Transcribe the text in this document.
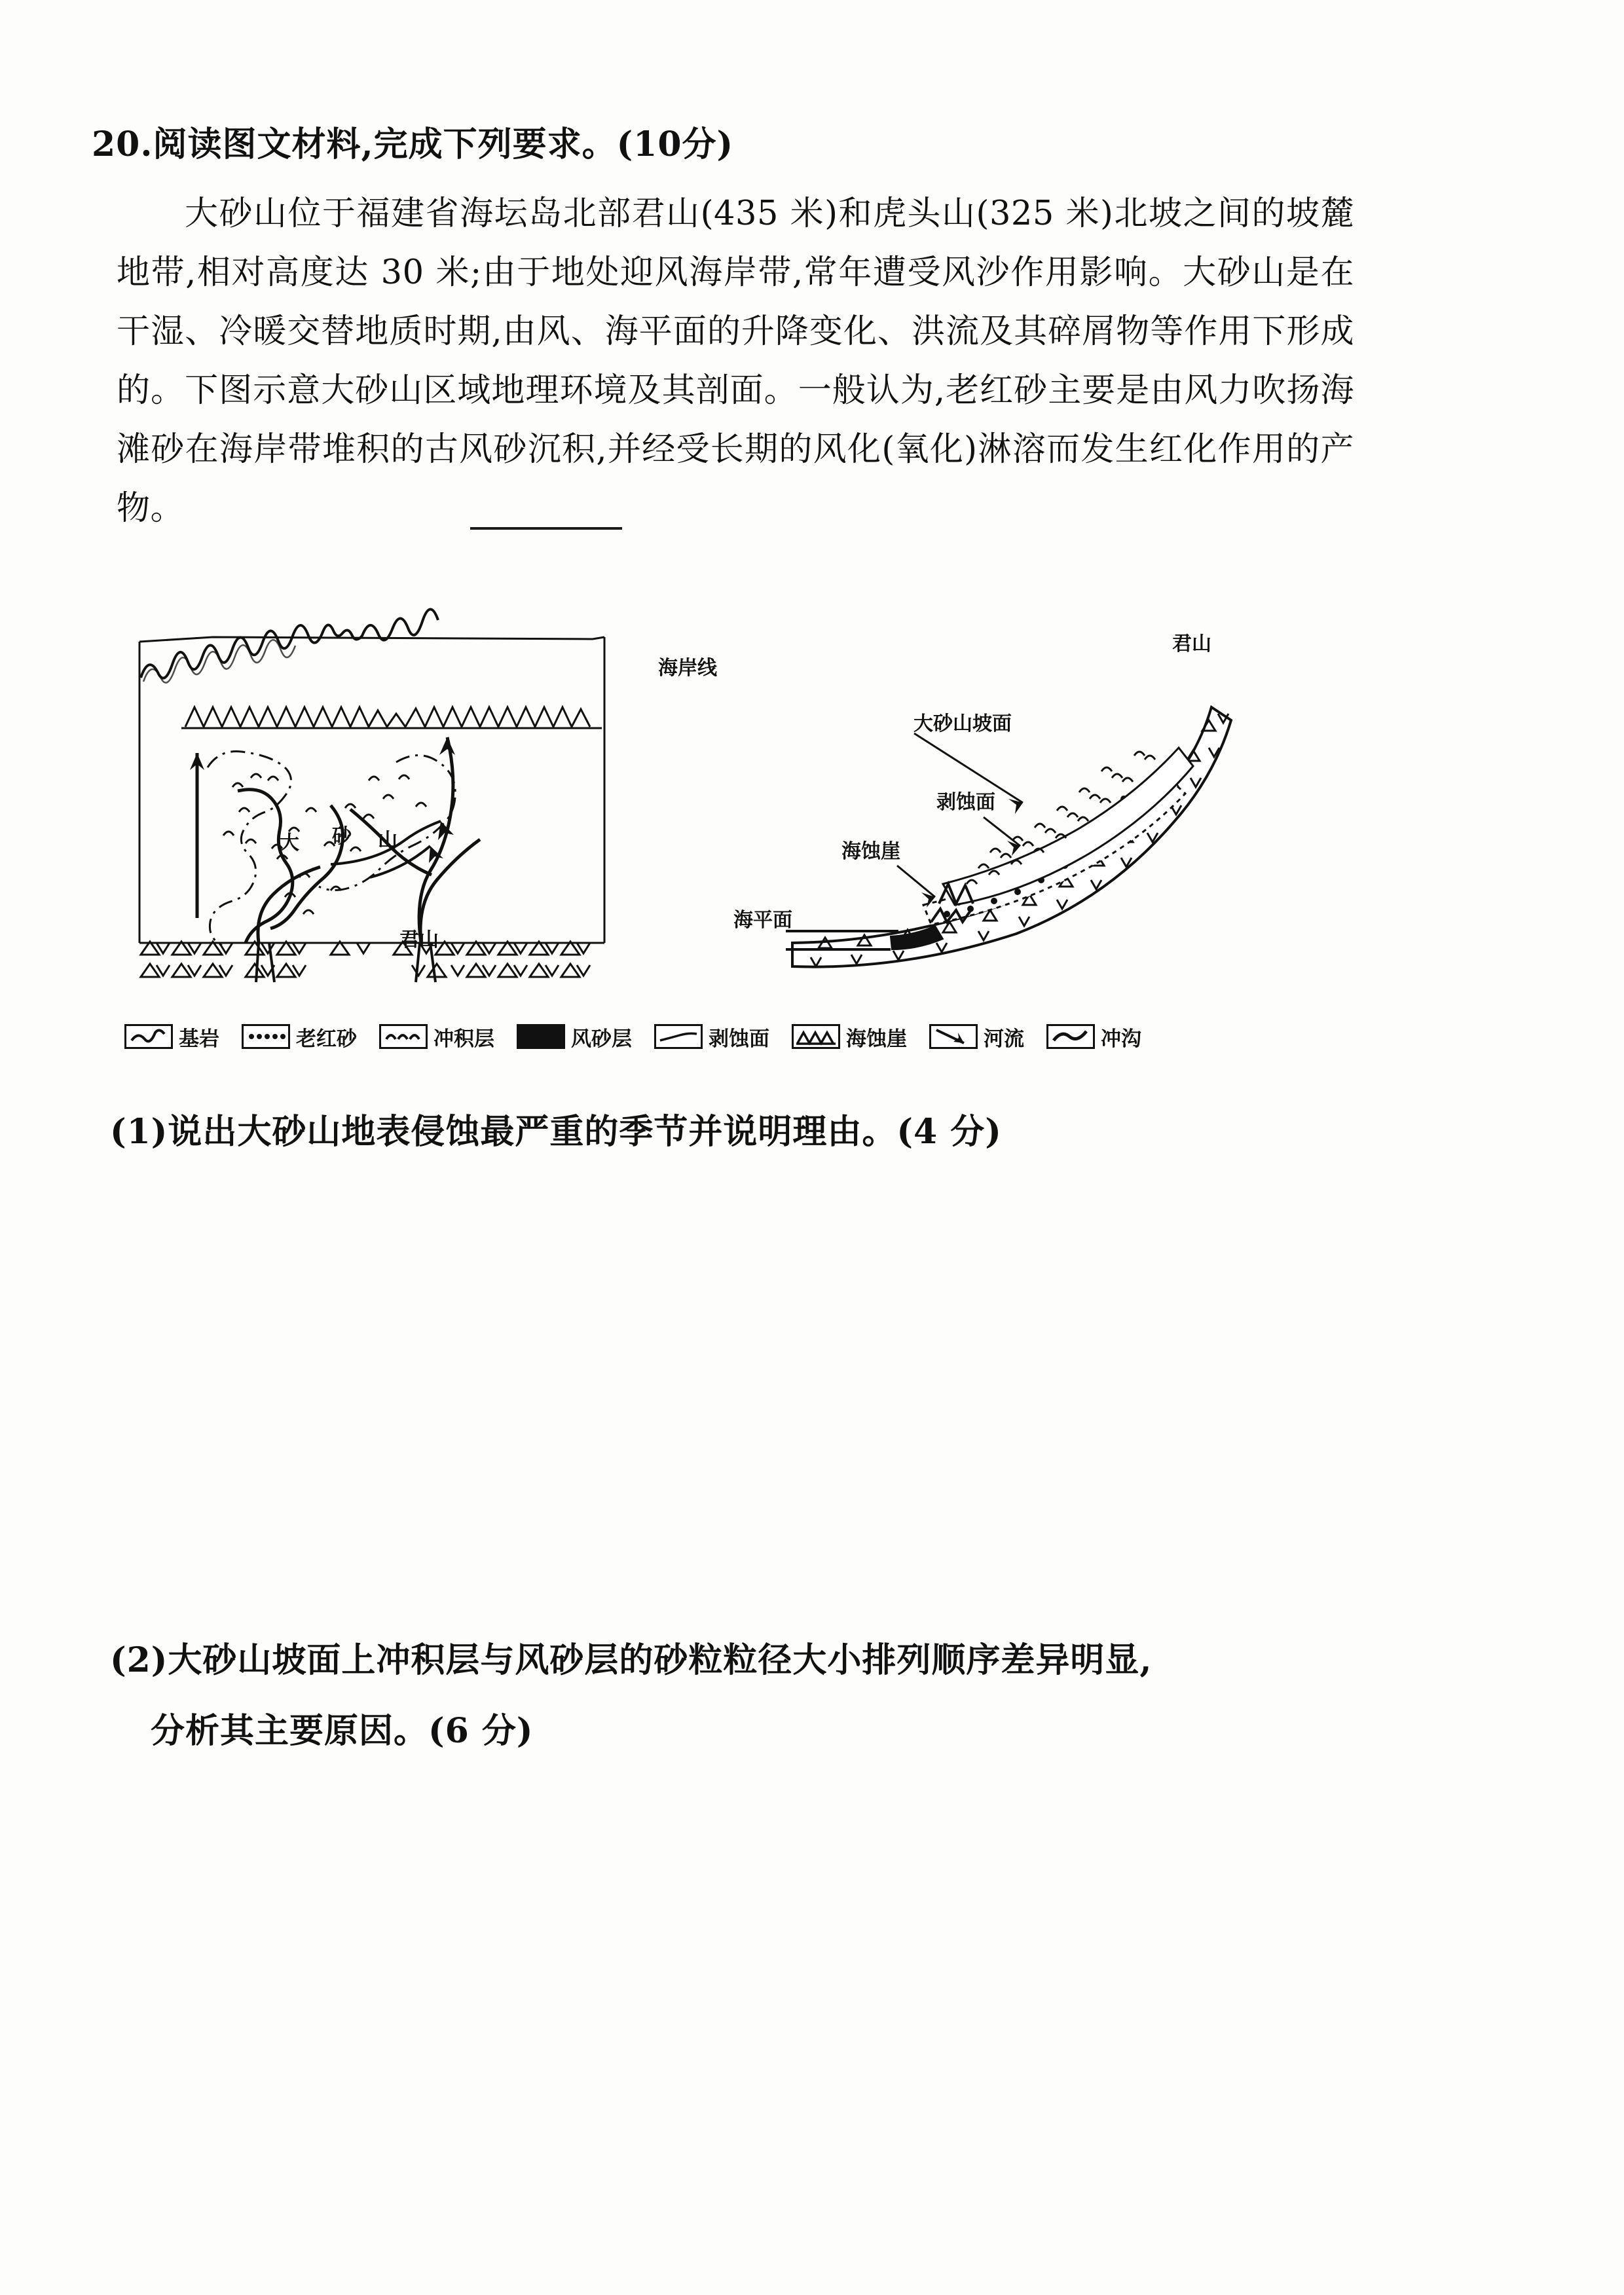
20.阅读图文材料,完成下列要求。(10分)
大砂山位于福建省海坛岛北部君山(435 米)和虎头山(325 米)北坡之间的坡麓地带,相对高度达 30 米;由于地处迎风海岸带,常年遭受风沙作用影响。大砂山是在干湿、冷暖交替地质时期,由风、海平面的升降变化、洪流及其碎屑物等作用下形成的。下图示意大砂山区域地理环境及其剖面。一般认为,老红砂主要是由风力吹扬海滩砂在海岸带堆积的古风砂沉积,并经受长期的风化(氧化)淋溶而发生红化作用的产物。
海岸线
大 砂 山
君山
君山
大砂山坡面
剥蚀面
海蚀崖
海平面
基岩	老红砂	冲积层	风砂层	剥蚀面	海蚀崖	河流	冲沟
(1)说出大砂山地表侵蚀最严重的季节并说明理由。(4 分)
(2)大砂山坡面上冲积层与风砂层的砂粒粒径大小排列顺序差异明显,
分析其主要原因。(6 分)
